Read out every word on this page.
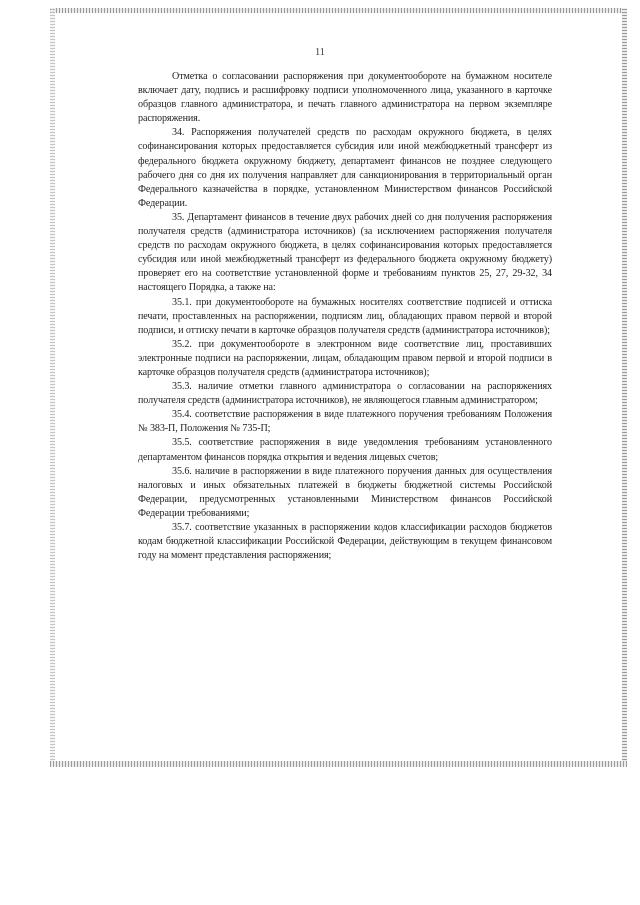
11

Отметка о согласовании распоряжения при документообороте на бумажном носителе включает дату, подпись и расшифровку подписи уполномоченного лица, указанного в карточке образцов главного администратора, и печать главного администратора на первом экземпляре распоряжения.

34. Распоряжения получателей средств по расходам окружного бюджета, в целях софинансирования которых предоставляется субсидия или иной межбюджетный трансферт из федерального бюджета окружному бюджету, департамент финансов не позднее следующего рабочего дня со дня их получения направляет для санкционирования в территориальный орган Федерального казначейства в порядке, установленном Министерством финансов Российской Федерации.

35. Департамент финансов в течение двух рабочих дней со дня получения распоряжения получателя средств (администратора источников) (за исключением распоряжения получателя средств по расходам окружного бюджета, в целях софинансирования которых предоставляется субсидия или иной межбюджетный трансферт из федерального бюджета окружному бюджету) проверяет его на соответствие установленной форме и требованиям пунктов 25, 27, 29-32, 34 настоящего Порядка, а также на:

35.1. при документообороте на бумажных носителях соответствие подписей и оттиска печати, проставленных на распоряжении, подписям лиц, обладающих правом первой и второй подписи, и оттиску печати в карточке образцов получателя средств (администратора источников);

35.2. при документообороте в электронном виде соответствие лиц, проставивших электронные подписи на распоряжении, лицам, обладающим правом первой и второй подписи в карточке образцов получателя средств (администратора источников);

35.3. наличие отметки главного администратора о согласовании на распоряжениях получателя средств (администратора источников), не являющегося главным администратором;

35.4. соответствие распоряжения в виде платежного поручения требованиям Положения № 383-П, Положения № 735-П;

35.5. соответствие распоряжения в виде уведомления требованиям установленного департаментом финансов порядка открытия и ведения лицевых счетов;

35.6. наличие в распоряжении в виде платежного поручения данных для осуществления налоговых и иных обязательных платежей в бюджеты бюджетной системы Российской Федерации, предусмотренных установленными Министерством финансов Российской Федерации требованиями;

35.7. соответствие указанных в распоряжении кодов классификации расходов бюджетов кодам бюджетной классификации Российской Федерации, действующим в текущем финансовом году на момент представления распоряжения;
